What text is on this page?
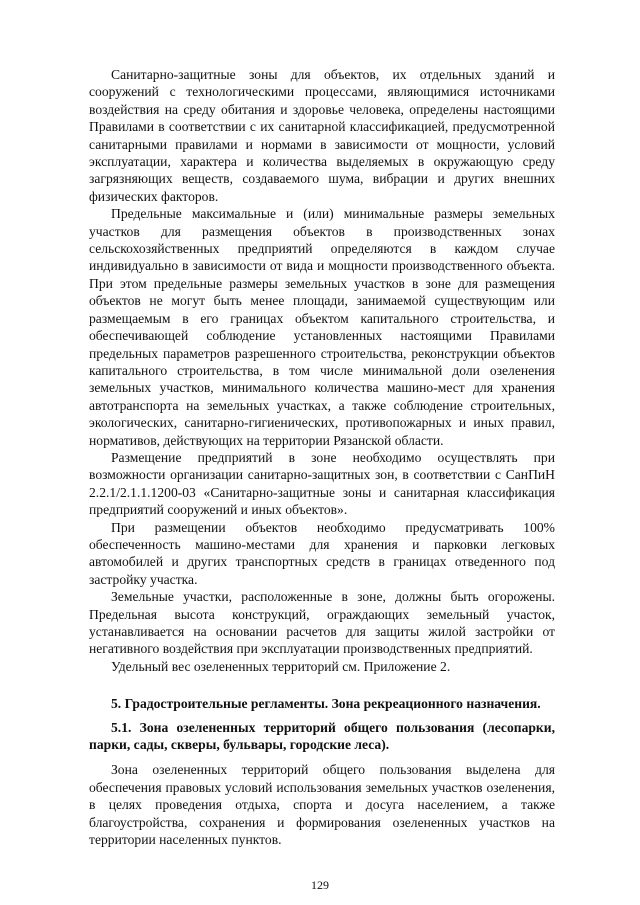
Санитарно-защитные зоны для объектов, их отдельных зданий и сооружений с технологическими процессами, являющимися источниками воздействия на среду обитания и здоровье человека, определены настоящими Правилами в соответствии с их санитарной классификацией, предусмотренной санитарными правилами и нормами в зависимости от мощности, условий эксплуатации, характера и количества выделяемых в окружающую среду загрязняющих веществ, создаваемого шума, вибрации и других внешних физических факторов.

Предельные максимальные и (или) минимальные размеры земельных участков для размещения объектов в производственных зонах сельскохозяйственных предприятий определяются в каждом случае индивидуально в зависимости от вида и мощности производственного объекта. При этом предельные размеры земельных участков в зоне для размещения объектов не могут быть менее площади, занимаемой существующим или размещаемым в его границах объектом капитального строительства, и обеспечивающей соблюдение установленных настоящими Правилами предельных параметров разрешенного строительства, реконструкции объектов капитального строительства, в том числе минимальной доли озеленения земельных участков, минимального количества машино-мест для хранения автотранспорта на земельных участках, а также соблюдение строительных, экологических, санитарно-гигиенических, противопожарных и иных правил, нормативов, действующих на территории Рязанской области.

Размещение предприятий в зоне необходимо осуществлять при возможности организации санитарно-защитных зон, в соответствии с СанПиН 2.2.1/2.1.1.1200-03 «Санитарно-защитные зоны и санитарная классификация предприятий сооружений и иных объектов».

При размещении объектов необходимо предусматривать 100% обеспеченность машино-местами для хранения и парковки легковых автомобилей и других транспортных средств в границах отведенного под застройку участка.

Земельные участки, расположенные в зоне, должны быть огорожены. Предельная высота конструкций, ограждающих земельный участок, устанавливается на основании расчетов для защиты жилой застройки от негативного воздействия при эксплуатации производственных предприятий.

Удельный вес озелененных территорий см. Приложение 2.

5. Градостроительные регламенты. Зона рекреационного назначения.

5.1. Зона озелененных территорий общего пользования (лесопарки, парки, сады, скверы, бульвары, городские леса).

Зона озелененных территорий общего пользования выделена для обеспечения правовых условий использования земельных участков озеленения, в целях проведения отдыха, спорта и досуга населением, а также благоустройства, сохранения и формирования озелененных участков на территории населенных пунктов.

129
